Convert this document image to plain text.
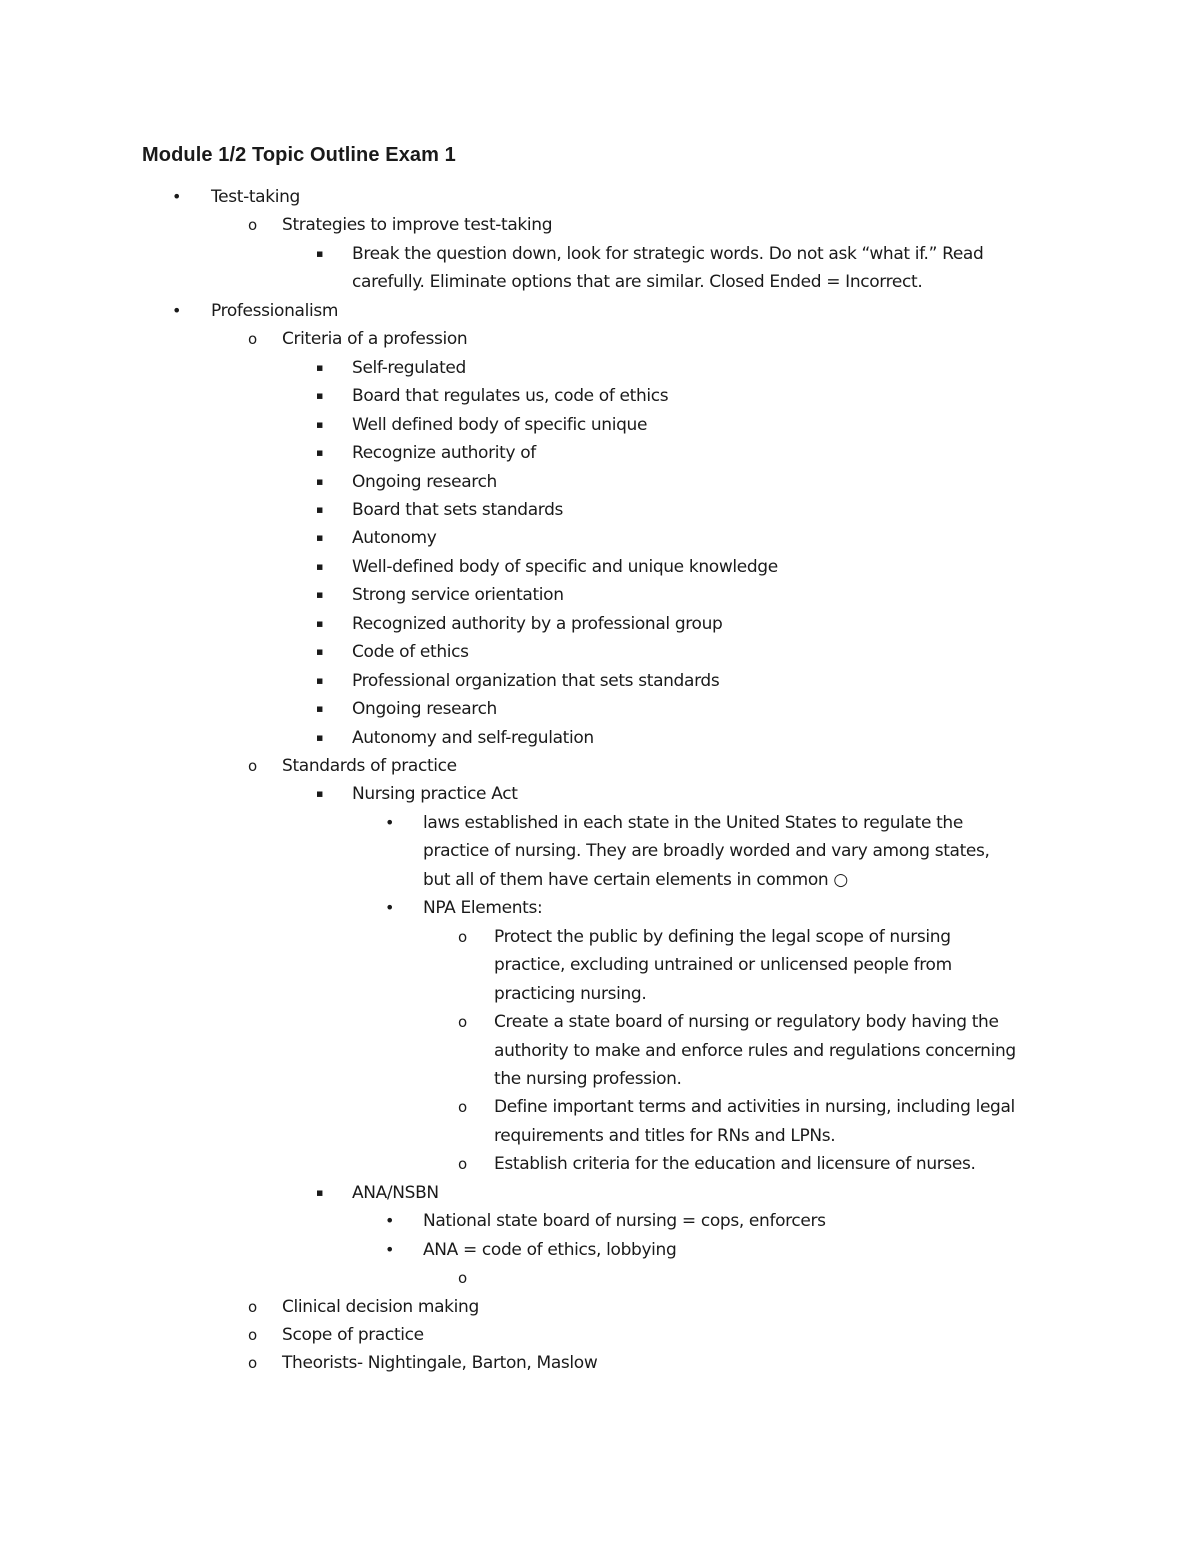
Module 1/2 Topic Outline Exam 1
• Test-taking
o Strategies to improve test-taking
▪ Break the question down, look for strategic words. Do not ask “what if.” Read
carefully. Eliminate options that are similar. Closed Ended = Incorrect.
• Professionalism
o Criteria of a profession
▪ Self-regulated
▪ Board that regulates us, code of ethics
▪ Well defined body of specific unique
▪ Recognize authority of
▪ Ongoing research
▪ Board that sets standards
▪ Autonomy
▪ Well-defined body of specific and unique knowledge
▪ Strong service orientation
▪ Recognized authority by a professional group
▪ Code of ethics
▪ Professional organization that sets standards
▪ Ongoing research
▪ Autonomy and self-regulation
o Standards of practice
▪ Nursing practice Act
• laws established in each state in the United States to regulate the
practice of nursing. They are broadly worded and vary among states,
but all of them have certain elements in common ○
• NPA Elements:
o Protect the public by defining the legal scope of nursing
practice, excluding untrained or unlicensed people from
practicing nursing.
o Create a state board of nursing or regulatory body having the
authority to make and enforce rules and regulations concerning
the nursing profession.
o Define important terms and activities in nursing, including legal
requirements and titles for RNs and LPNs.
o Establish criteria for the education and licensure of nurses.
▪ ANA/NSBN
• National state board of nursing = cops, enforcers
• ANA = code of ethics, lobbying
o
o Clinical decision making
o Scope of practice
o Theorists- Nightingale, Barton, Maslow
